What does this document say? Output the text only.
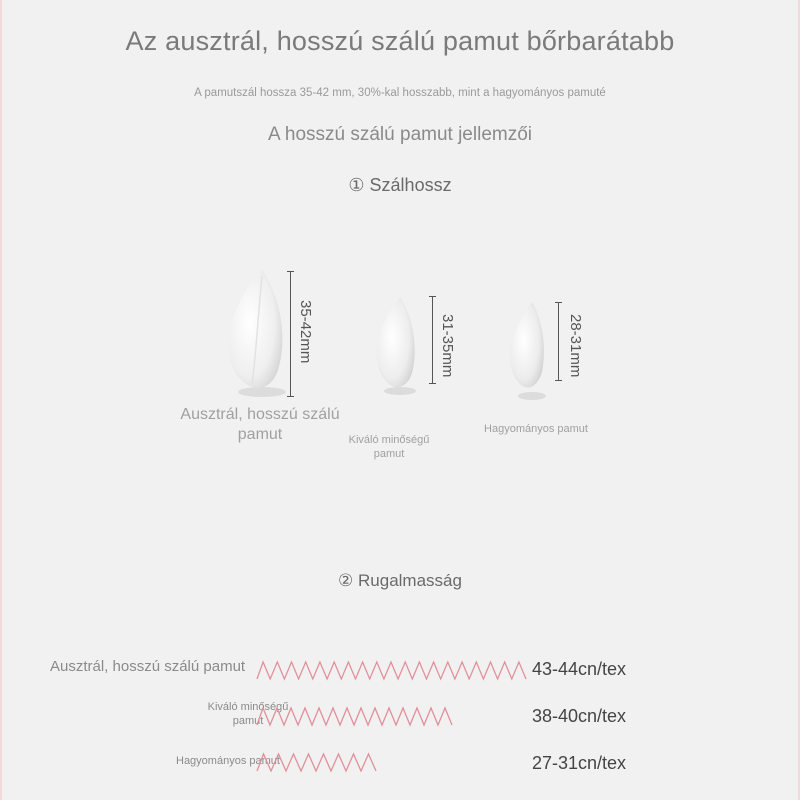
Az ausztrál, hosszú szálú pamut bőrbarátabb
A pamutszál hossza 35-42 mm, 30%-kal hosszabb, mint a hagyományos pamuté
A hosszú szálú pamut jellemzői
① Szálhossz
35-42mm
Ausztrál, hosszú szálú pamut
31-35mm
Kiváló minőségű pamut
28-31mm
Hagyományos pamut
② Rugalmasság
Ausztrál, hosszú szálú pamut	43-44cn/tex
Kiváló minőségű pamut	38-40cn/tex
Hagyományos pamut	27-31cn/tex
